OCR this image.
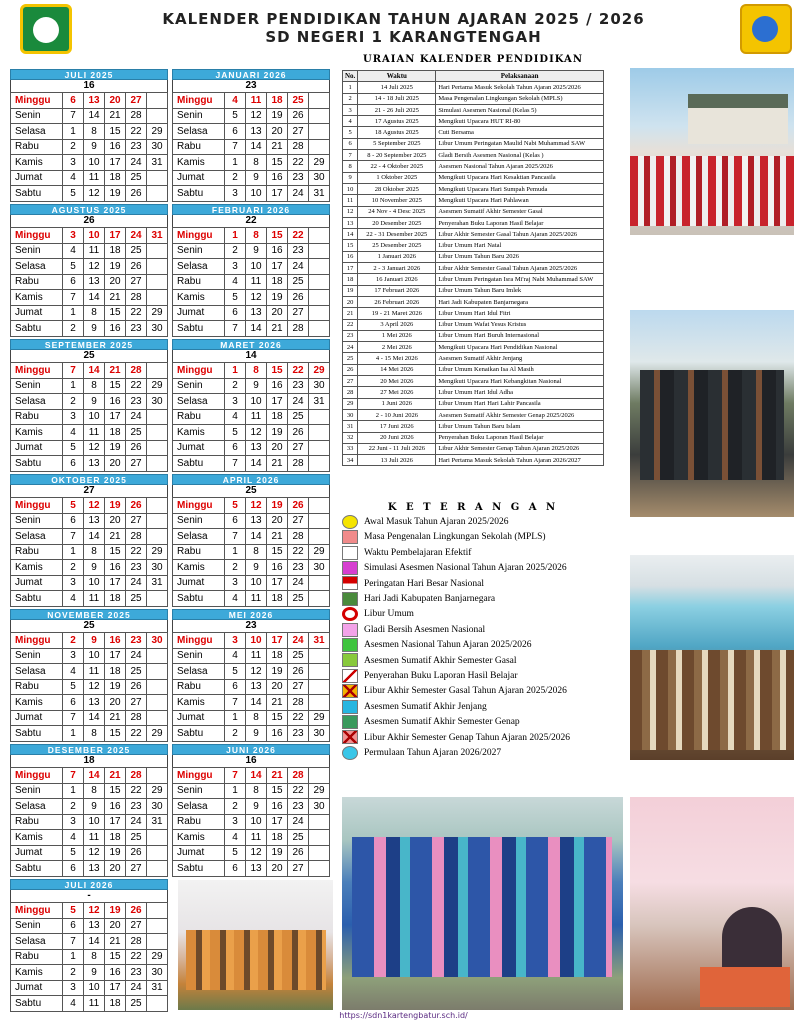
KALENDER PENDIDIKAN TAHUN AJARAN 2025 / 2026
SD NEGERI 1 KARANGTENGAH
JULI 2025
16
Minggu	6	13	20	27	
Senin	7	14	21	28	
Selasa	1	8	15	22	29
Rabu	2	9	16	23	30
Kamis	3	10	17	24	31
Jumat	4	11	18	25	
Sabtu	5	12	19	26	
JANUARI 2026
23
Minggu	4	11	18	25	
Senin	5	12	19	26	
Selasa	6	13	20	27	
Rabu	7	14	21	28	
Kamis	1	8	15	22	29
Jumat	2	9	16	23	30
Sabtu	3	10	17	24	31
AGUSTUS 2025
26
Minggu	3	10	17	24	31
Senin	4	11	18	25	
Selasa	5	12	19	26	
Rabu	6	13	20	27	
Kamis	7	14	21	28	
Jumat	1	8	15	22	29
Sabtu	2	9	16	23	30
FEBRUARI 2026
22
Minggu	1	8	15	22	
Senin	2	9	16	23	
Selasa	3	10	17	24	
Rabu	4	11	18	25	
Kamis	5	12	19	26	
Jumat	6	13	20	27	
Sabtu	7	14	21	28	
SEPTEMBER 2025
25
Minggu	7	14	21	28	
Senin	1	8	15	22	29
Selasa	2	9	16	23	30
Rabu	3	10	17	24	
Kamis	4	11	18	25	
Jumat	5	12	19	26	
Sabtu	6	13	20	27	
MARET 2026
14
Minggu	1	8	15	22	29
Senin	2	9	16	23	30
Selasa	3	10	17	24	31
Rabu	4	11	18	25	
Kamis	5	12	19	26	
Jumat	6	13	20	27	
Sabtu	7	14	21	28	
OKTOBER 2025
27
Minggu	5	12	19	26	
Senin	6	13	20	27	
Selasa	7	14	21	28	
Rabu	1	8	15	22	29
Kamis	2	9	16	23	30
Jumat	3	10	17	24	31
Sabtu	4	11	18	25	
APRIL 2026
25
Minggu	5	12	19	26	
Senin	6	13	20	27	
Selasa	7	14	21	28	
Rabu	1	8	15	22	29
Kamis	2	9	16	23	30
Jumat	3	10	17	24	
Sabtu	4	11	18	25	
NOVEMBER 2025
25
Minggu	2	9	16	23	30
Senin	3	10	17	24	
Selasa	4	11	18	25	
Rabu	5	12	19	26	
Kamis	6	13	20	27	
Jumat	7	14	21	28	
Sabtu	1	8	15	22	29
MEI 2026
23
Minggu	3	10	17	24	31
Senin	4	11	18	25	
Selasa	5	12	19	26	
Rabu	6	13	20	27	
Kamis	7	14	21	28	
Jumat	1	8	15	22	29
Sabtu	2	9	16	23	30
DESEMBER 2025
18
Minggu	7	14	21	28	
Senin	1	8	15	22	29
Selasa	2	9	16	23	30
Rabu	3	10	17	24	31
Kamis	4	11	18	25	
Jumat	5	12	19	26	
Sabtu	6	13	20	27	
JUNI 2026
16
Minggu	7	14	21	28	
Senin	1	8	15	22	29
Selasa	2	9	16	23	30
Rabu	3	10	17	24	
Kamis	4	11	18	25	
Jumat	5	12	19	26	
Sabtu	6	13	20	27	
JULI 2026
-
Minggu	5	12	19	26	
Senin	6	13	20	27	
Selasa	7	14	21	28	
Rabu	1	8	15	22	29
Kamis	2	9	16	23	30
Jumat	3	10	17	24	31
Sabtu	4	11	18	25	
URAIAN KALENDER PENDIDIKAN
No.	Waktu	Pelaksanaan
1	14 Juli 2025	Hari Pertama Masuk Sekolah Tahun Ajaran 2025/2026
2	14 - 18 Juli 2025	Masa Pengenalan Lingkungan Sekolah (MPLS)
3	21 - 26 Juli 2025	Simulasi Asesmen Nasional (Kelas 5)
4	17 Agustus 2025	Mengikuti Upacara HUT RI-80
5	18 Agustus 2025	Cuti Bersama
6	5 September 2025	Libur Umum Peringatan Maulid Nabi Muhammad SAW
7	8 - 20 September 2025	Gladi Bersih Asesmen Nasional (Kelas )
8	22 - 4 Oktober 2025	Asesmen Nasional Tahun Ajaran 2025/2026
9	1 Oktober 2025	Mengikuti Upacara Hari Kesaktian Pancasila
10	28 Oktober 2025	Mengikuti Upacara Hari Sumpah Pemuda
11	10 November 2025	Mengikuti Upacara Hari Pahlawan
12	24 Nov - 4 Desc 2025	Asesmen Sumatif Akhir Semester Gasal
13	20 Desember 2025	Penyerahan Buku Laporan Hasil Belajar
14	22 - 31 Desember 2025	Libur Akhir Semester Gasal Tahun Ajaran 2025/2026
15	25 Desember 2025	Libur Umum Hari Natal
16	1 Januari 2026	Libur Umum Tahun Baru 2026
17	2 - 3 Januari 2026	Libur Akhir Semester Gasal Tahun Ajaran 2025/2026
18	16 Januari 2026	Libur Umum Peringatan Isra Mi'raj Nabi Muhammad SAW
19	17 Februari 2026	Libur Umum Tahun Baru Imlek
20	26 Februari 2026	Hari Jadi Kabupaten Banjarnegara
21	19 - 21 Maret 2026	Libur Umum Hari Idul Fitri
22	3 April 2026	Libur Umum Wafat Yesus Kristus
23	1 Mei 2026	Libur Umum Hari Buruh Internasional
24	2 Mei 2026	Mengikuti Upacara Hari Pendidikan Nasional
25	4 - 15 Mei 2026	Asesmen Sumatif Akhir Jenjang
26	14 Mei 2026	Libur Umum Kenaikan Isa Al Masih
27	20 Mei 2026	Mengikuti Upacara Hari Kebangkitan Nasional
28	27 Mei 2026	Libur Umum Hari Idul Adha
29	1 Juni 2026	Libur Umum Hari Hari Lahir Pancasila
30	2 - 10 Juni 2026	Asesmen Sumatif Akhir Semester Genap 2025/2026
31	17 Juni 2026	Libur Umum Tahun Baru Islam
32	20 Juni 2026	Penyerahan Buku Laporan Hasil Belajar
33	22 Juni - 11 Juli 2026	Libur Akhir Semester Genap Tahun Ajaran 2025/2026
34	13 Juli 2026	Hari Pertama Masuk Sekolah Tahun Ajaran 2026/2027
K E T E R A N G A N
Awal Masuk Tahun Ajaran 2025/2026
Masa Pengenalan Lingkungan Sekolah (MPLS)
Waktu Pembelajaran Efektif
Simulasi Asesmen Nasional Tahun Ajaran 2025/2026
Peringatan Hari Besar Nasional
Hari Jadi Kabupaten Banjarnegara
Libur Umum
Gladi Bersih Asesmen Nasional
Asesmen Nasional Tahun Ajaran 2025/2026
Asesmen Sumatif Akhir Semester Gasal
Penyerahan Buku Laporan Hasil Belajar
Libur Akhir Semester Gasal Tahun Ajaran 2025/2026
Asesmen Sumatif Akhir Jenjang
Asesmen Sumatif Akhir Semester Genap
Libur Akhir Semester Genap Tahun Ajaran 2025/2026
Permulaan Tahun Ajaran 2026/2027
https://sdn1kartengbatur.sch.id/
